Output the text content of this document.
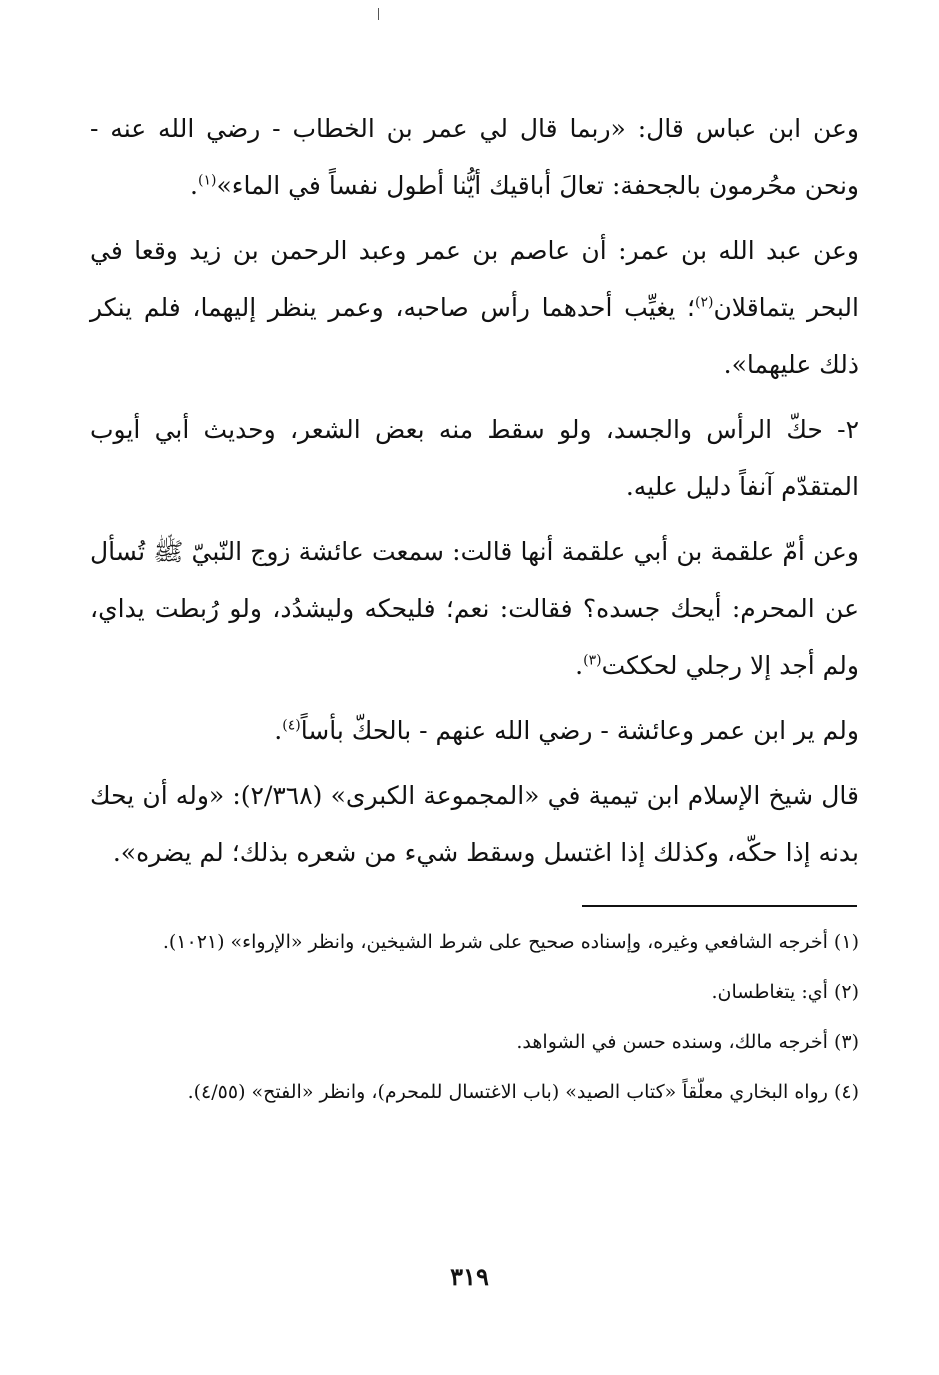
وعن ابن عباس قال: «ربما قال لي عمر بن الخطاب - رضي الله عنه - ونحن محُرمون بالجحفة: تعالَ أباقيك أيُّنا أطول نفساً في الماء»$^{(١)}$.

وعن عبد الله بن عمر: أن عاصم بن عمر وعبد الرحمن بن زيد وقعا في البحر يتماقلان$^{(٢)}$؛ يغيِّب أحدهما رأس صاحبه، وعمر ينظر إليهما، فلم ينكر ذلك عليهما».

٢- حكّ الرأس والجسد، ولو سقط منه بعض الشعر، وحديث أبي أيوب المتقدّم آنفاً دليل عليه.

وعن أمّ علقمة بن أبي علقمة أنها قالت: سمعت عائشة زوج النّبيّ ﷺ تُسأل عن المحرم: أيحك جسده؟ فقالت: نعم؛ فليحكه وليشدُد، ولو رُبطت يداي، ولم أجد إلا رجلي لحككت$^{(٣)}$.

ولم ير ابن عمر وعائشة - رضي الله عنهم - بالحكّ بأساً$^{(٤)}$.

قال شيخ الإسلام ابن تيمية في «المجموعة الكبرى» (٢/٣٦٨): «وله أن يحك بدنه إذا حكّه، وكذلك إذا اغتسل وسقط شيء من شعره بذلك؛ لم يضره».

(١) أخرجه الشافعي وغيره، وإسناده صحيح على شرط الشيخين، وانظر «الإرواء» (١٠٢١).

(٢) أي: يتغاطسان.

(٣) أخرجه مالك، وسنده حسن في الشواهد.

(٤) رواه البخاري معلّقاً «كتاب الصيد» (باب الاغتسال للمحرم)، وانظر «الفتح» (٤/٥٥).

٣١٩
